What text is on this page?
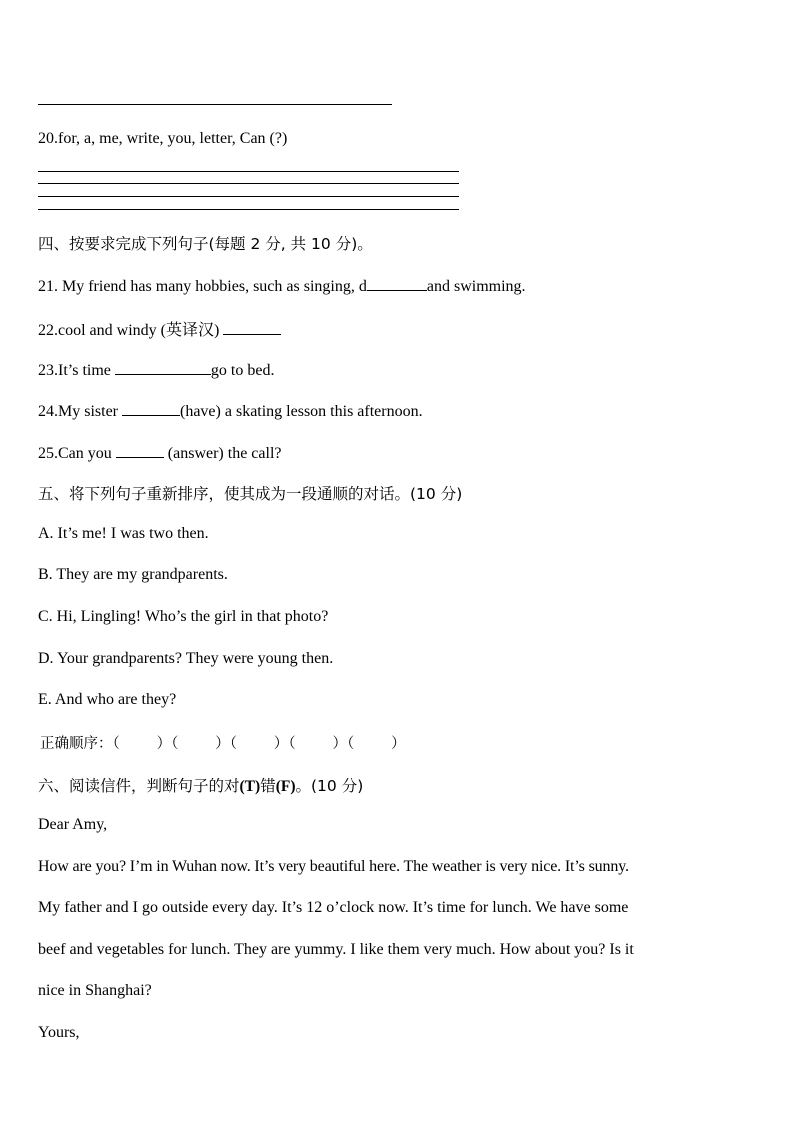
20.for, a, me, write, you, letter, Can (?)
四、按要求完成下列句子(每题 2 分, 共 10 分)。
21. My friend has many hobbies, such as singing, d	and swimming.
22.cool and windy (英译汉)
23.It’s time	go to bed.
24.My sister	(have) a skating lesson this afternoon.
25.Can you	(answer) the call?
五、将下列句子重新排序，使其成为一段通顺的对话。(10 分)
A. It’s me! I was two then.
B. They are my grandparents.
C. Hi, Lingling! Who’s the girl in that photo?
D. Your grandparents? They were young then.
E. And who are they?
正确顺序：（        ）（        ）（        ）（        ）（        ）
六、阅读信件，判断句子的对(T)错(F)。(10 分)
Dear Amy,
How are you? I’m in Wuhan now. It’s very beautiful here. The weather is very nice. It’s sunny.
My father and I go outside every day. It’s 12 o’clock now. It’s time for lunch. We have some
beef and vegetables for lunch. They are yummy. I like them very much. How about you? Is it
nice in Shanghai?
Yours,
